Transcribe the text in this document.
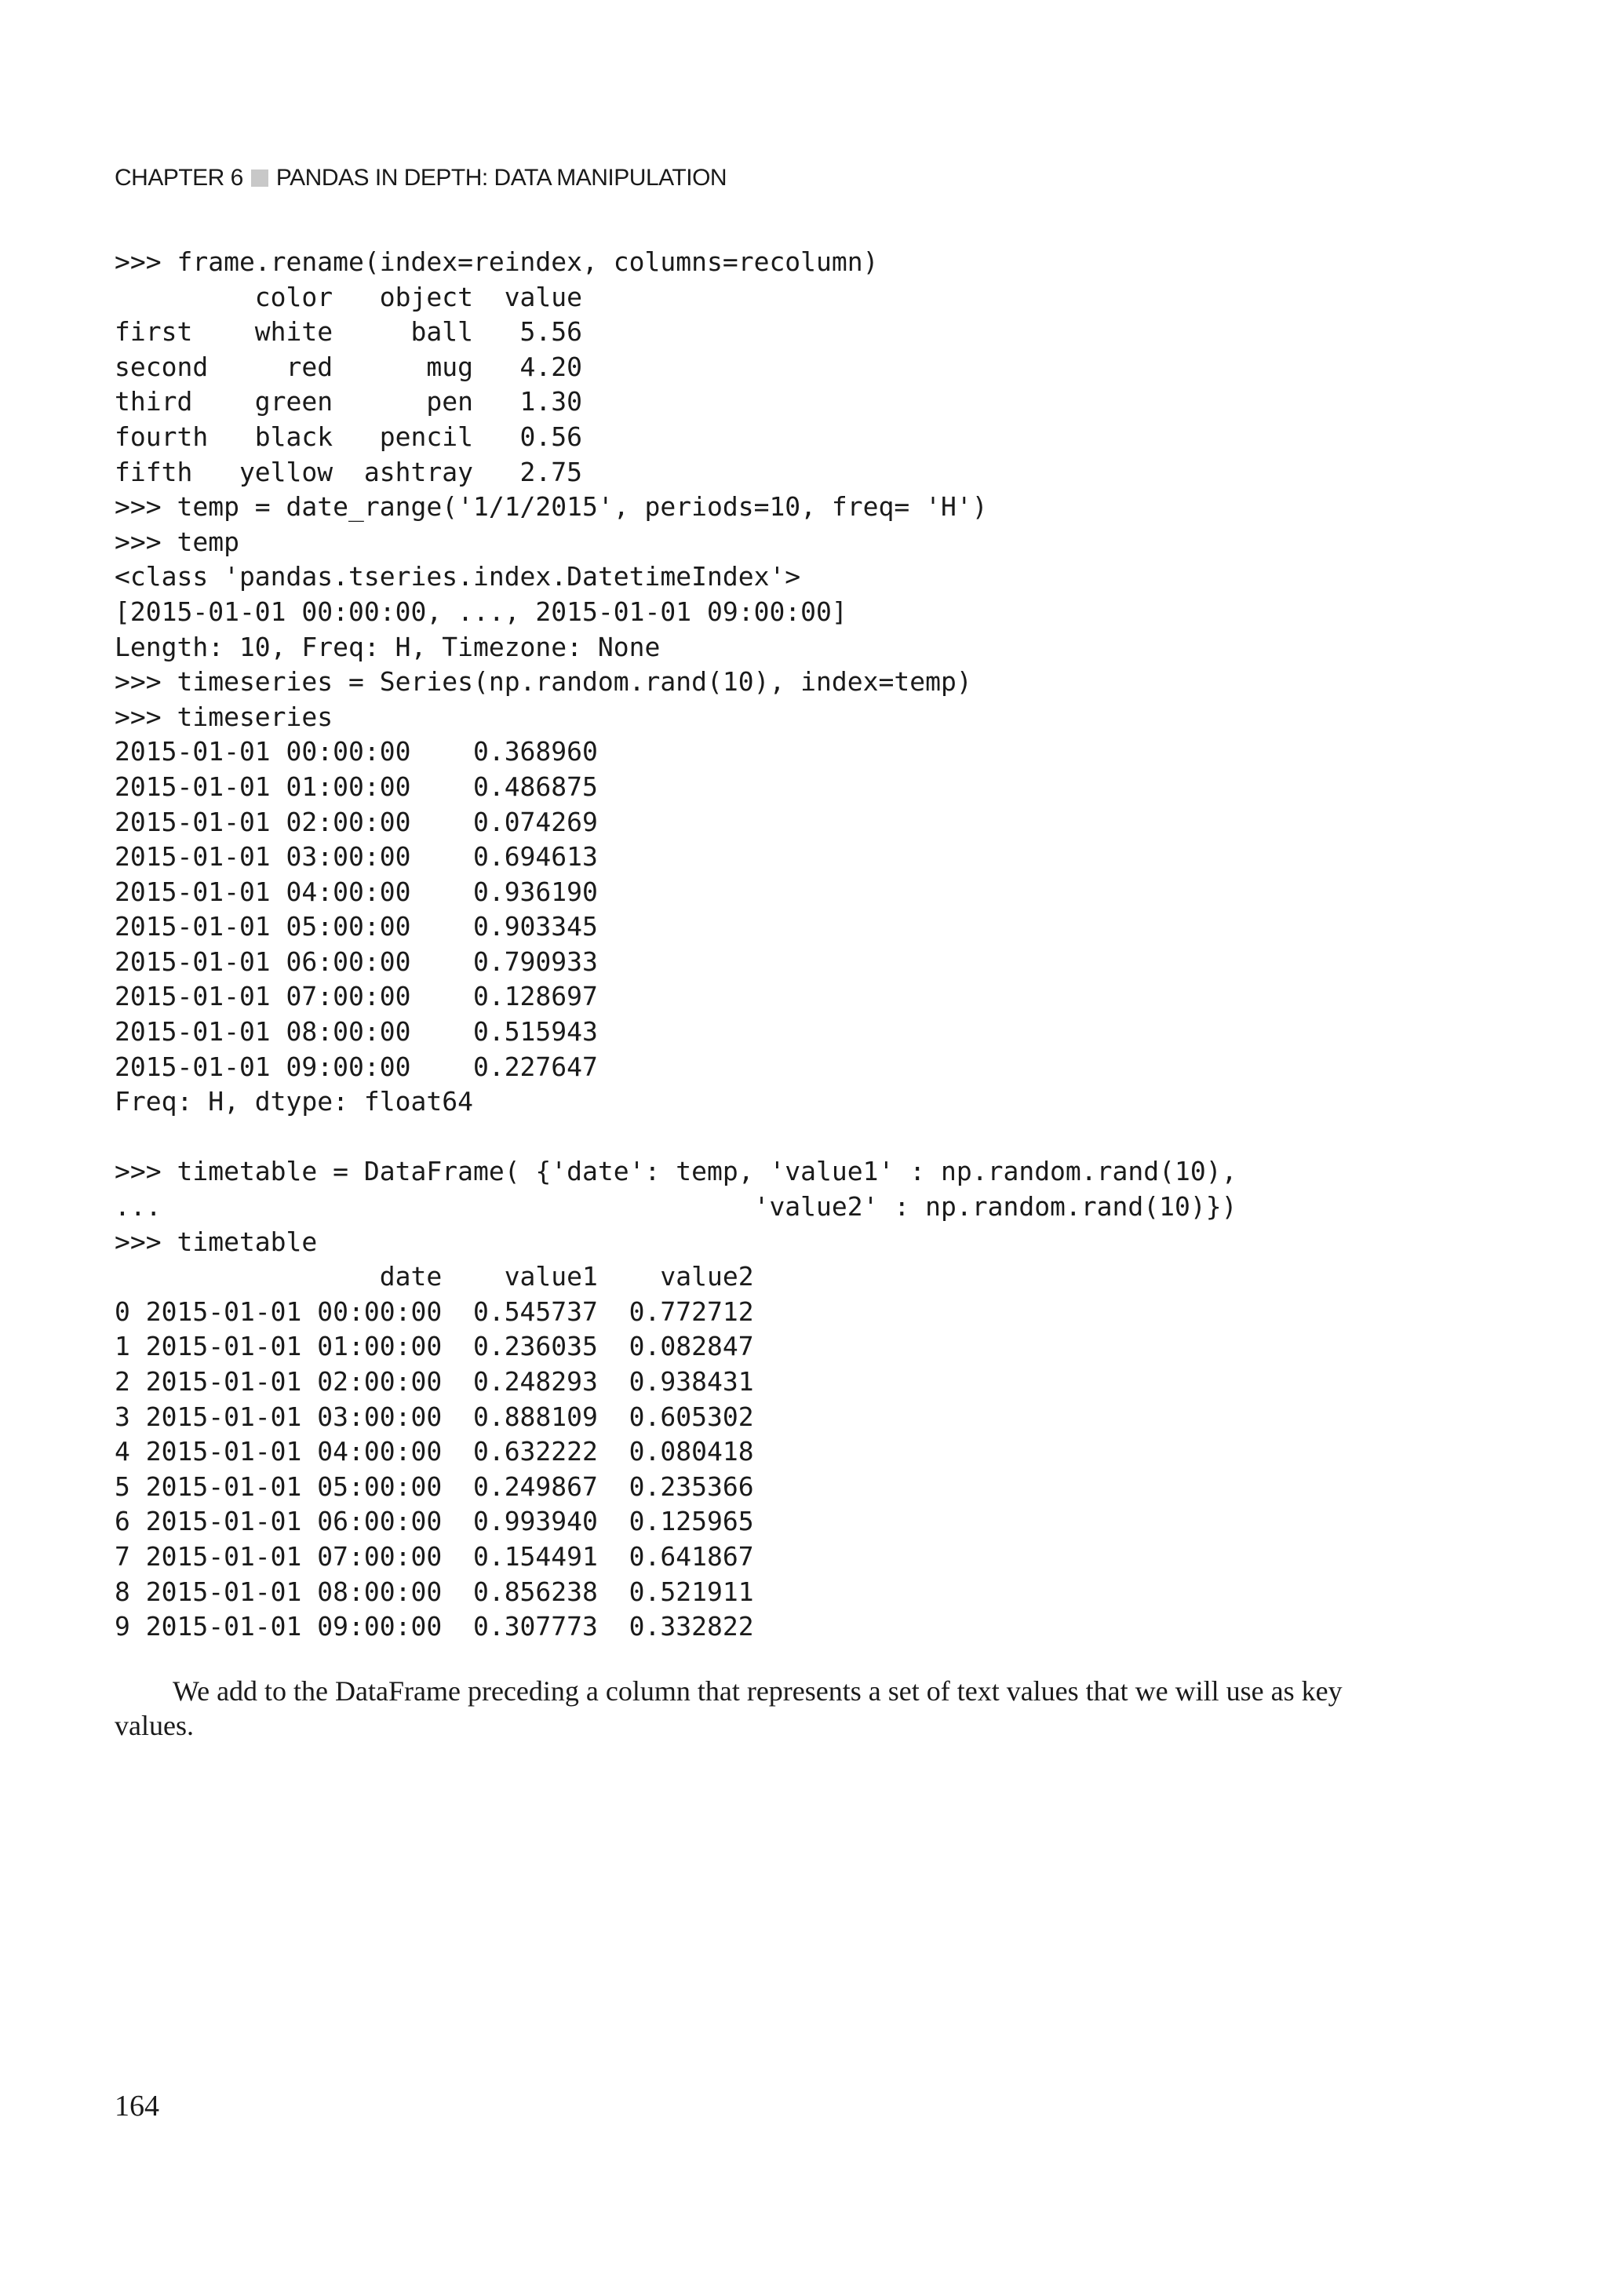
CHAPTER 6 PANDAS IN DEPTH: DATA MANIPULATION
>>> frame.rename(index=reindex, columns=recolumn)
color   object  value
first    white     ball   5.56
second     red      mug   4.20
third    green      pen   1.30
fourth   black   pencil   0.56
fifth   yellow  ashtray   2.75
>>> temp = date_range('1/1/2015', periods=10, freq= 'H')
>>> temp
<class 'pandas.tseries.index.DatetimeIndex'>
[2015-01-01 00:00:00, ..., 2015-01-01 09:00:00]
Length: 10, Freq: H, Timezone: None
>>> timeseries = Series(np.random.rand(10), index=temp)
>>> timeseries
2015-01-01 00:00:00    0.368960
2015-01-01 01:00:00    0.486875
2015-01-01 02:00:00    0.074269
2015-01-01 03:00:00    0.694613
2015-01-01 04:00:00    0.936190
2015-01-01 05:00:00    0.903345
2015-01-01 06:00:00    0.790933
2015-01-01 07:00:00    0.128697
2015-01-01 08:00:00    0.515943
2015-01-01 09:00:00    0.227647
Freq: H, dtype: float64
>>> timetable = DataFrame( {'date': temp, 'value1' : np.random.rand(10),
...                                      'value2' : np.random.rand(10)})
>>> timetable
date    value1    value2
0 2015-01-01 00:00:00  0.545737  0.772712
1 2015-01-01 01:00:00  0.236035  0.082847
2 2015-01-01 02:00:00  0.248293  0.938431
3 2015-01-01 03:00:00  0.888109  0.605302
4 2015-01-01 04:00:00  0.632222  0.080418
5 2015-01-01 05:00:00  0.249867  0.235366
6 2015-01-01 06:00:00  0.993940  0.125965
7 2015-01-01 07:00:00  0.154491  0.641867
8 2015-01-01 08:00:00  0.856238  0.521911
9 2015-01-01 09:00:00  0.307773  0.332822

We add to the DataFrame preceding a column that represents a set of text values that we will use as key values.

164
